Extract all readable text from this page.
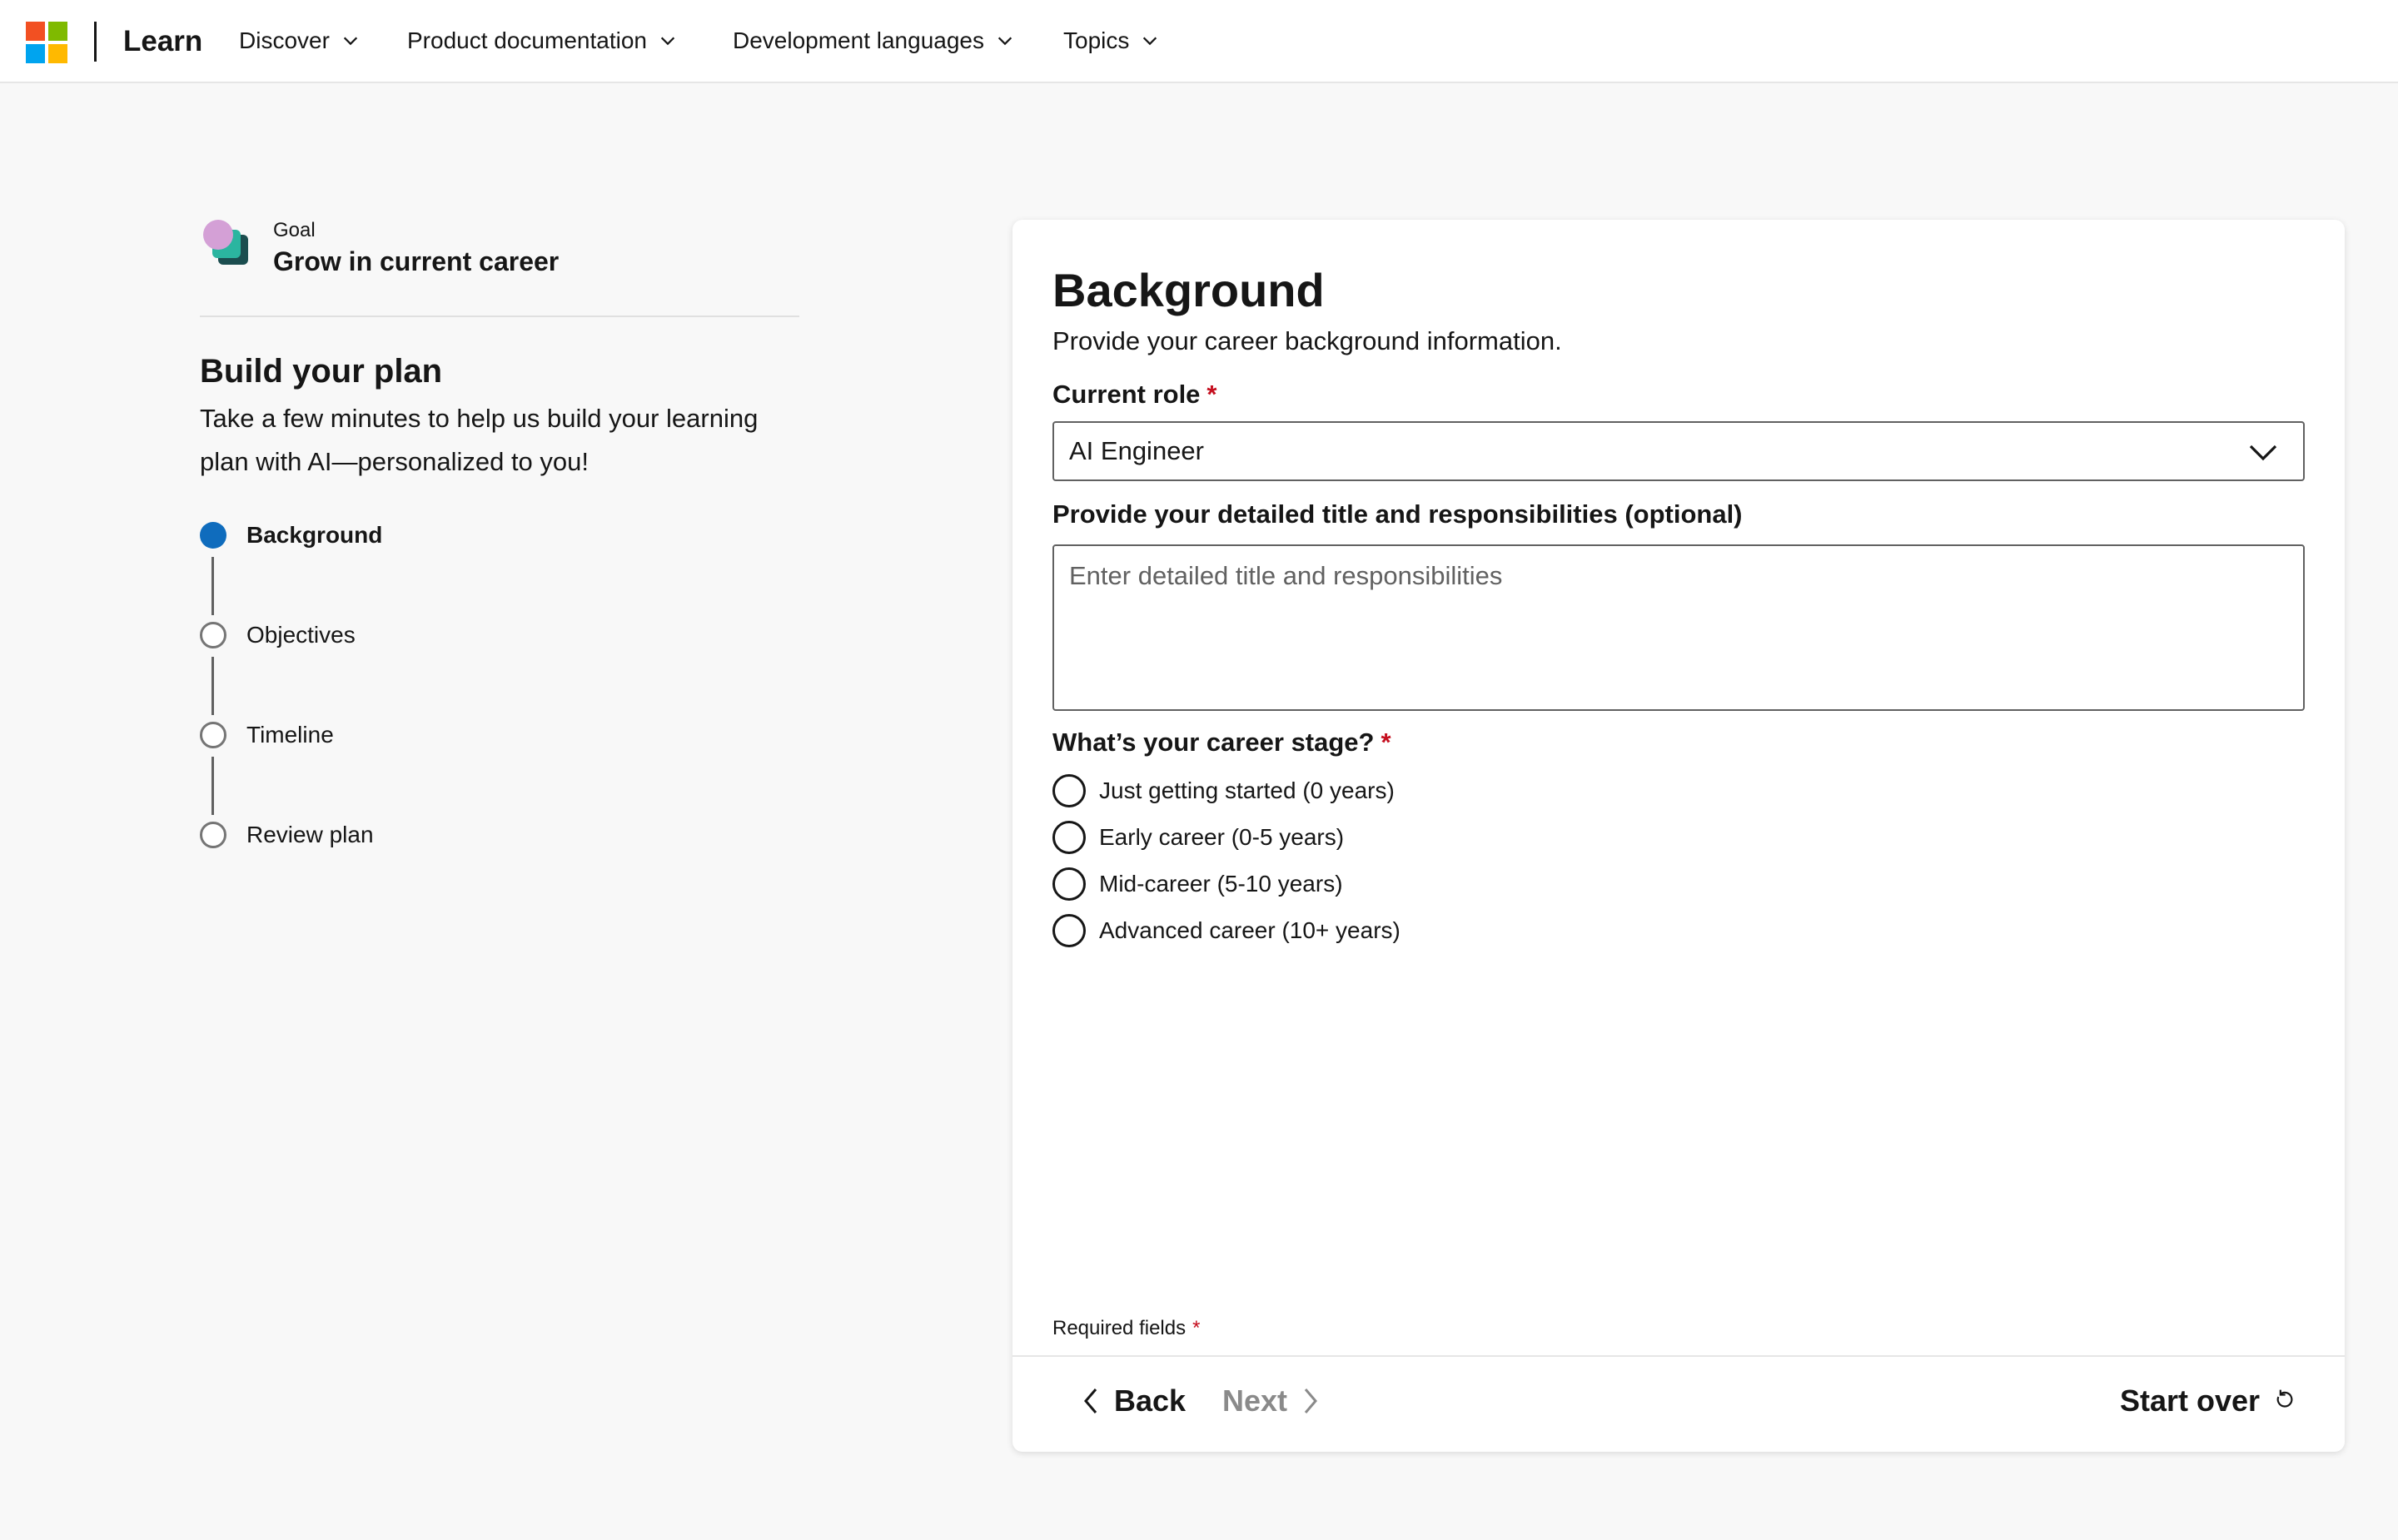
Learn Discover	Product documentation	Development languages	Topics
Goal
Grow in current career
Build your plan
Take a few minutes to help us build your learning plan with AI—personalized to you!
Background
Objectives
Timeline
Review plan
Background
Provide your career background information.
Current role *
AI Engineer
Provide your detailed title and responsibilities (optional)
Enter detailed title and responsibilities
What’s your career stage? *
Just getting started (0 years)
Early career (0-5 years)
Mid-career (5-10 years)
Advanced career (10+ years)
Required fields *
Back Next	Start over
